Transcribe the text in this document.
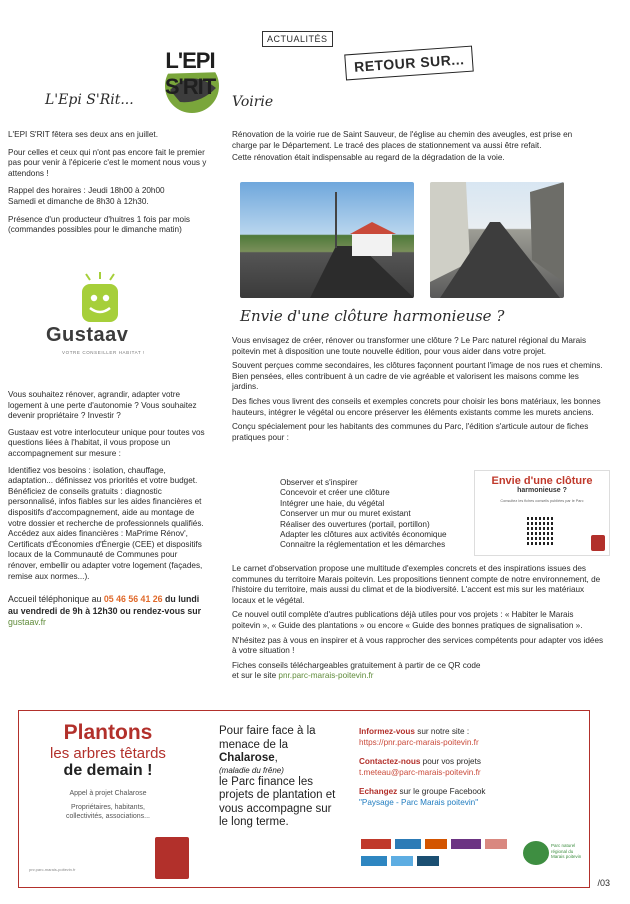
L'EPI S'RIT
ACTUALITÉS
RETOUR SUR...
L'Epi S'Rit...	Voirie

L'EPI S'RIT fêtera ses deux ans en juillet.

Pour celles et ceux qui n'ont pas encore fait le premier pas pour venir à l'épicerie c'est le moment nous vous y attendons !

Rappel des horaires : Jeudi 18h00 à 20h00

Samedi et dimanche de 8h30 à 12h30.

Présence d'un producteur d'huitres 1 fois par mois (commandes possibles pour le dimanche matin)

Gustaav
VOTRE CONSEILLER HABITAT !

Vous souhaitez rénover, agrandir, adapter votre logement à une perte d'autonomie ? Vous souhaitez devenir propriétaire ? Investir ?

Gustaav est votre interlocuteur unique pour toutes vos questions liées à l'habitat, il vous propose un accompagnement sur mesure :

Identifiez vos besoins : isolation, chauffage, adaptation... définissez vos priorités et votre budget.

Bénéficiez de conseils gratuits : diagnostic personnalisé, infos fiables sur les aides financières et dispositifs d'accompagnement, aide au montage de votre dossier et recherche de professionnels qualifiés.

Accédez aux aides financières : MaPrime Rénov', Certificats d'Économies d'Énergie (CEE) et dispositifs locaux de la Communauté de Communes pour rénover, embellir ou adapter votre logement (façades, remise aux normes...).

Accueil téléphonique au 05 46 56 41 26 du lundi au vendredi de 9h à 12h30 ou rendez-vous sur gustaav.fr

Rénovation de la voirie rue de Saint Sauveur, de l'église au chemin des aveugles, est prise en charge par le Département. Le tracé des places de stationnement va aussi être refait.

Cette rénovation était indispensable au regard de la dégradation de la voie.

Envie d'une clôture harmonieuse ?

Vous envisagez de créer, rénover ou transformer une clôture ? Le Parc naturel régional du Marais poitevin met à disposition une toute nouvelle édition, pour vous aider dans votre projet.

Souvent perçues comme secondaires, les clôtures façonnent pourtant l'image de nos rues et chemins. Bien pensées, elles contribuent à un cadre de vie agréable et valorisent les maisons comme les jardins.

Des fiches vous livrent des conseils et exemples concrets pour choisir les bons matériaux, les bonnes hauteurs, intégrer le végétal ou encore préserver les éléments existants comme les murets anciens.

Conçu spécialement pour les habitants des communes du Parc, l'édition s'articule autour de fiches pratiques pour :

Observer et s'inspirer

Concevoir et créer une clôture

Intégrer une haie, du végétal

Conserver un mur ou muret existant

Réaliser des ouvertures (portail, portillon)

Adapter les clôtures aux activités économique

Connaitre la réglementation et les démarches

Envie d'une clôture
harmonieuse ?
Consultez les fiches conseils publiées par le Parc

Le carnet d'observation propose une multitude d'exemples concrets et des inspirations issues des communes du territoire Marais poitevin. Les propositions tiennent compte de notre environnement, de l'histoire du territoire, mais aussi du climat et de la biodiversité. L'accent est mis sur les matériaux locaux et le végétal.

Ce nouvel outil complète d'autres publications déjà utiles pour vos projets : « Habiter le Marais poitevin », « Guide des plantations » ou encore « Guide des bonnes pratiques de signalisation ».

N'hésitez pas à vous en inspirer et à vous rapprocher des services compétents pour adapter vos idées à votre situation !

Fiches conseils téléchargeables gratuitement à partir de ce QR code

et sur le site pnr.parc-marais-poitevin.fr

Plantons
les arbres têtards
de demain !
Appel à projet Chalarose
Propriétaires, habitants, collectivités, associations...
pnr.parc-marais-poitevin.fr
Pour faire face à la menace de la Chalarose,
(maladie du frêne)
le Parc finance les projets de plantation et vous accompagne sur le long terme.
Informez-vous sur notre site :
https://pnr.parc-marais-poitevin.fr
Contactez-nous pour vos projets
t.meteau@parc-marais-poitevin.fr
Echangez sur le groupe Facebook
"Paysage - Parc Marais poitevin"
Parc naturel régional du Marais poitevin
/03
